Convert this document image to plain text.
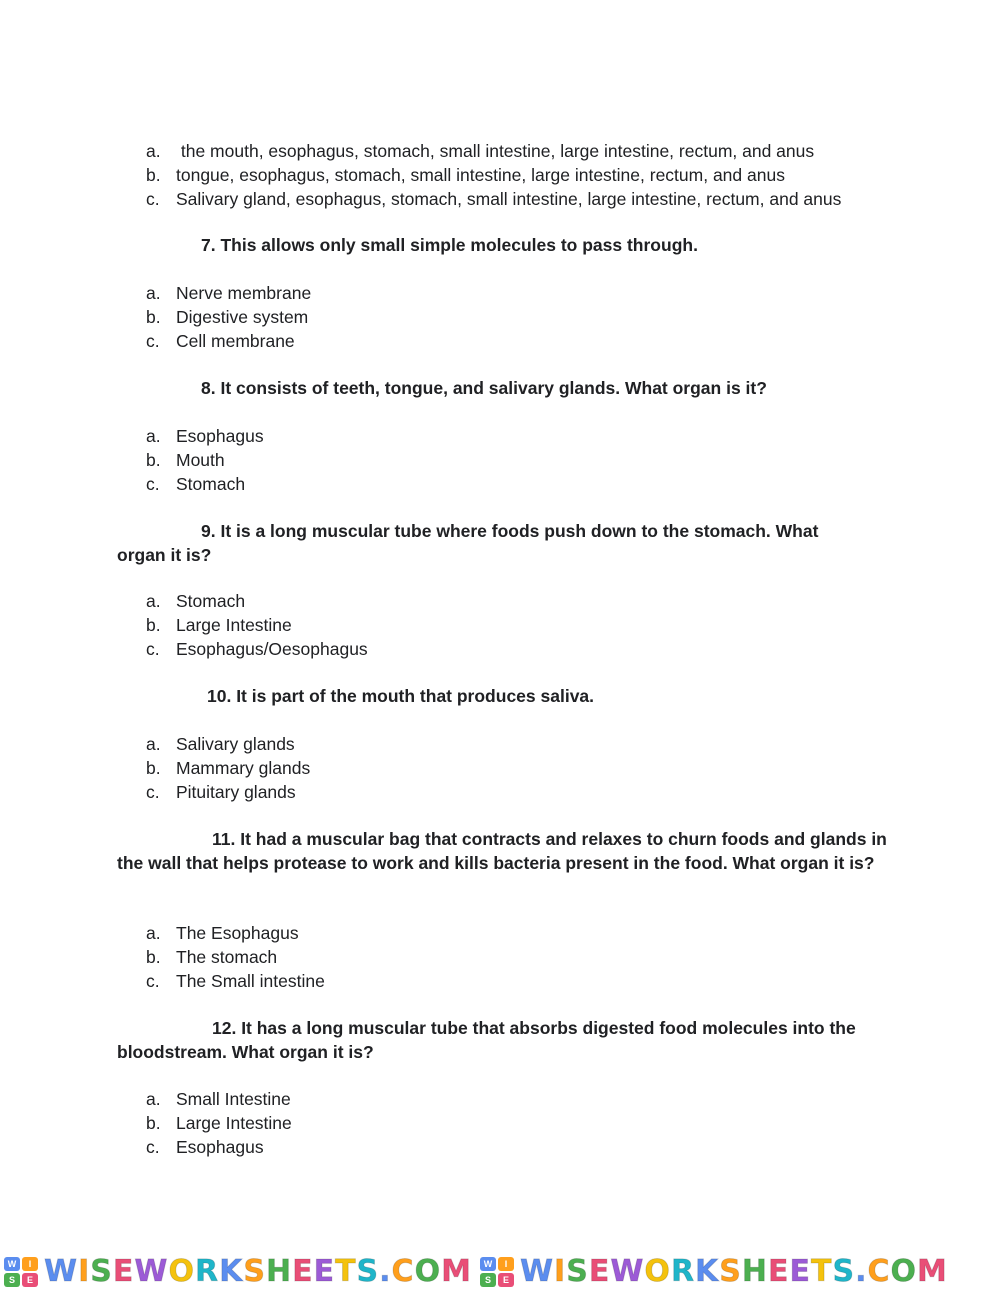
a. the mouth, esophagus, stomach, small intestine, large intestine, rectum, and anus
b. tongue, esophagus, stomach, small intestine, large intestine, rectum, and anus
c. Salivary gland, esophagus, stomach, small intestine, large intestine, rectum, and anus

7. This allows only small simple molecules to pass through.

a. Nerve membrane
b. Digestive system
c. Cell membrane

8. It consists of teeth, tongue, and salivary glands. What organ is it?

a. Esophagus
b. Mouth
c. Stomach

9. It is a long muscular tube where foods push down to the stomach. What organ it is?

a. Stomach
b. Large Intestine
c. Esophagus/Oesophagus

10. It is part of the mouth that produces saliva.

a. Salivary glands
b. Mammary glands
c. Pituitary glands

11. It had a muscular bag that contracts and relaxes to churn foods and glands in the wall that helps protease to work and kills bacteria present in the food. What organ it is?

a. The Esophagus
b. The stomach
c. The Small intestine

12. It has a long muscular tube that absorbs digested food molecules into the bloodstream. What organ it is?

a. Small Intestine
b. Large Intestine
c. Esophagus
W	I
S	E WISEWORKSHEETS.COM	W	I
S	E WISEWORKSHEETS.COM
